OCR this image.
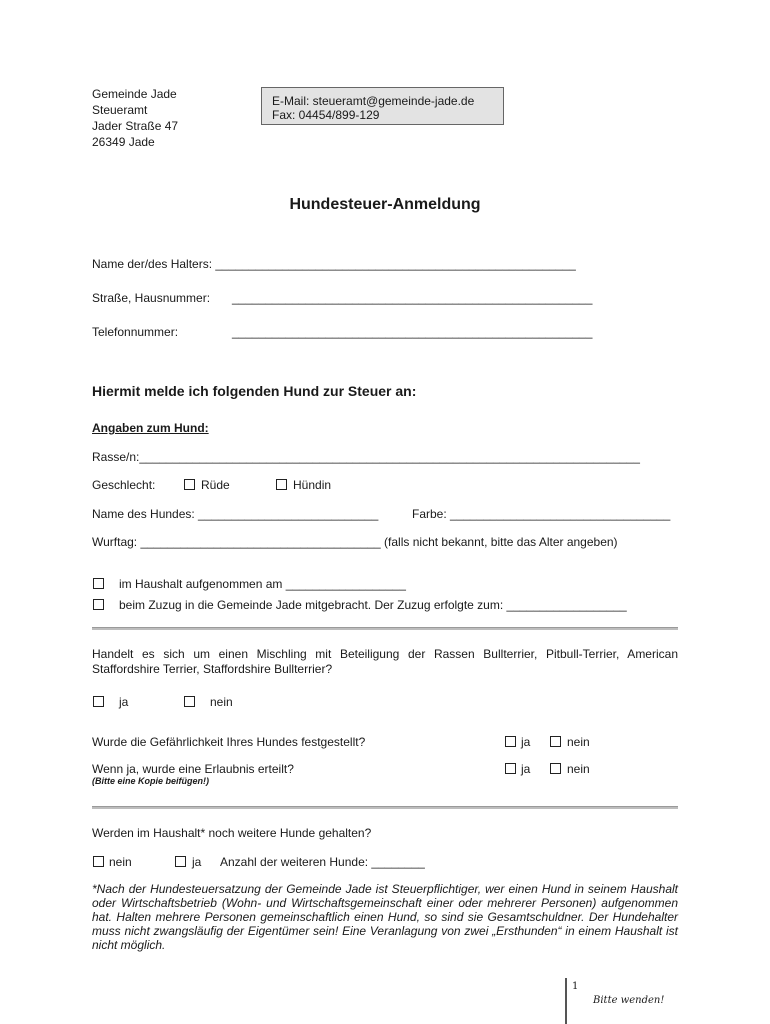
Gemeinde Jade
Steueramt
Jader Straße 47
26349 Jade
E-Mail: steueramt@gemeinde-jade.de
Fax: 04454/899-129
Hundesteuer-Anmeldung
Name der/des Halters: ______________________________________________________
Straße, Hausnummer: ______________________________________________________
Telefonnummer:	______________________________________________________
Hiermit melde ich folgenden Hund zur Steuer an:
Angaben zum Hund:
Rasse/n:___________________________________________________________________________
Geschlecht:	Rüde	Hündin
Name des Hundes: ___________________________	Farbe: _________________________________
Wurftag: ____________________________________ (falls nicht bekannt, bitte das Alter angeben)
im Haushalt aufgenommen am __________________
beim Zuzug in die Gemeinde Jade mitgebracht. Der Zuzug erfolgte zum: __________________
Handelt es sich um einen Mischling mit Beteiligung der Rassen Bullterrier, Pitbull-Terrier, American Staffordshire Terrier, Staffordshire Bullterrier?
ja	nein
Wurde die Gefährlichkeit Ihres Hundes festgestellt?	ja	nein
Wenn ja, wurde eine Erlaubnis erteilt?
(Bitte eine Kopie beifügen!)
ja	nein
Werden im Haushalt* noch weitere Hunde gehalten?
nein	ja Anzahl der weiteren Hunde: ________
*Nach der Hundesteuersatzung der Gemeinde Jade ist Steuerpflichtiger, wer einen Hund in seinem Haushalt oder Wirtschaftsbetrieb (Wohn- und Wirtschaftsgemeinschaft einer oder mehrerer Personen) aufgenommen hat. Halten mehrere Personen gemeinschaftlich einen Hund, so sind sie Gesamtschuldner. Der Hundehalter muss nicht zwangsläufig der Eigentümer sein! Eine Veranlagung von zwei „Ersthunden“ in einem Haushalt ist nicht möglich.
1
Bitte wenden!
